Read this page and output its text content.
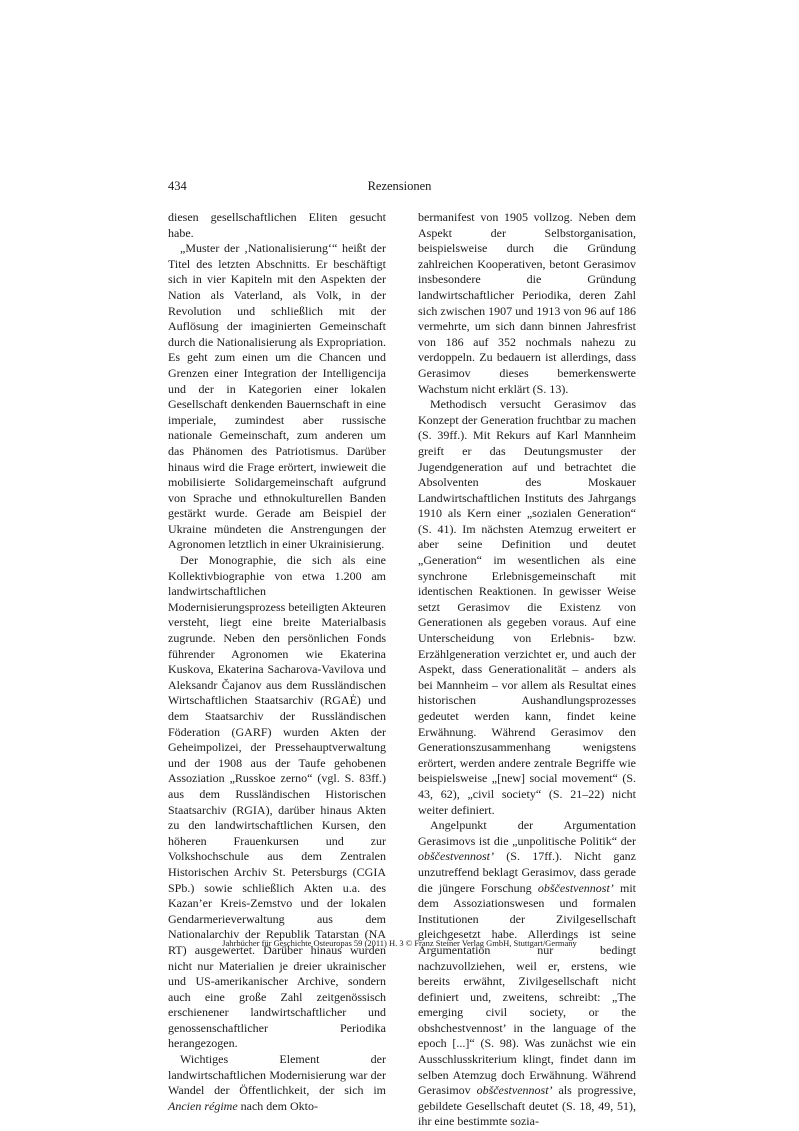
434	Rezensionen

diesen gesellschaftlichen Eliten gesucht habe.

„Muster der ‚Nationalisierung‘“ heißt der Titel des letzten Abschnitts. Er beschäftigt sich in vier Kapiteln mit den Aspekten der Nation als Vaterland, als Volk, in der Revolution und schließlich mit der Auflösung der imaginierten Gemeinschaft durch die Nationalisierung als Expropriation. Es geht zum einen um die Chancen und Grenzen einer Integration der Intelligencija und der in Kategorien einer lokalen Gesellschaft denkenden Bauernschaft in eine imperiale, zumindest aber russische nationale Gemeinschaft, zum anderen um das Phänomen des Patriotismus. Darüber hinaus wird die Frage erörtert, inwieweit die mobilisierte Solidargemeinschaft aufgrund von Sprache und ethnokulturellen Banden gestärkt wurde. Gerade am Beispiel der Ukraine mündeten die Anstrengungen der Agronomen letztlich in einer Ukrainisierung.

Der Monographie, die sich als eine Kollektivbiographie von etwa 1.200 am landwirtschaftlichen Modernisierungsprozess beteiligten Akteuren versteht, liegt eine breite Materialbasis zugrunde. Neben den persönlichen Fonds führender Agronomen wie Ekaterina Kuskova, Ekaterina Sacharova-Vavilova und Aleksandr Čajanov aus dem Russländischen Wirtschaftlichen Staatsarchiv (RGAĖ) und dem Staatsarchiv der Russländischen Föderation (GARF) wurden Akten der Geheimpolizei, der Pressehauptverwaltung und der 1908 aus der Taufe gehobenen Assoziation „Russkoe zerno“ (vgl. S. 83ff.) aus dem Russländischen Historischen Staatsarchiv (RGIA), darüber hinaus Akten zu den landwirtschaftlichen Kursen, den höheren Frauenkursen und zur Volkshochschule aus dem Zentralen Historischen Archiv St. Petersburgs (CGIA SPb.) sowie schließlich Akten u.a. des Kazan’er Kreis-Zemstvo und der lokalen Gendarmerieverwaltung aus dem Nationalarchiv der Republik Tatarstan (NA RT) ausgewertet. Darüber hinaus wurden nicht nur Materialien je dreier ukrainischer und US-amerikanischer Archive, sondern auch eine große Zahl zeitgenössisch erschienener landwirtschaftlicher und genossenschaftlicher Periodika herangezogen.

Wichtiges Element der landwirtschaftlichen Modernisierung war der Wandel der Öffentlichkeit, der sich im Ancien régime nach dem Okto-

bermanifest von 1905 vollzog. Neben dem Aspekt der Selbstorganisation, beispielsweise durch die Gründung zahlreichen Kooperativen, betont Gerasimov insbesondere die Gründung landwirtschaftlicher Periodika, deren Zahl sich zwischen 1907 und 1913 von 96 auf 186 vermehrte, um sich dann binnen Jahresfrist von 186 auf 352 nochmals nahezu zu verdoppeln. Zu bedauern ist allerdings, dass Gerasimov dieses bemerkenswerte Wachstum nicht erklärt (S. 13).

Methodisch versucht Gerasimov das Konzept der Generation fruchtbar zu machen (S. 39ff.). Mit Rekurs auf Karl Mannheim greift er das Deutungsmuster der Jugendgeneration auf und betrachtet die Absolventen des Moskauer Landwirtschaftlichen Instituts des Jahrgangs 1910 als Kern einer „sozialen Generation“ (S. 41). Im nächsten Atemzug erweitert er aber seine Definition und deutet „Generation“ im wesentlichen als eine synchrone Erlebnisgemeinschaft mit identischen Reaktionen. In gewisser Weise setzt Gerasimov die Existenz von Generationen als gegeben voraus. Auf eine Unterscheidung von Erlebnis- bzw. Erzählgeneration verzichtet er, und auch der Aspekt, dass Generationalität – anders als bei Mannheim – vor allem als Resultat eines historischen Aushandlungsprozesses gedeutet werden kann, findet keine Erwähnung. Während Gerasimov den Generationszusammenhang wenigstens erörtert, werden andere zentrale Begriffe wie beispielsweise „[new] social movement“ (S. 43, 62), „civil society“ (S. 21–22) nicht weiter definiert.

Angelpunkt der Argumentation Gerasimovs ist die „unpolitische Politik“ der obščestvennost’ (S. 17ff.). Nicht ganz unzutreffend beklagt Gerasimov, dass gerade die jüngere Forschung obščestvennost’ mit dem Assoziationswesen und formalen Institutionen der Zivilgesellschaft gleichgesetzt habe. Allerdings ist seine Argumentation nur bedingt nachzuvollziehen, weil er, erstens, wie bereits erwähnt, Zivilgesellschaft nicht definiert und, zweitens, schreibt: „The emerging civil society, or the obshchestvennost’ in the language of the epoch [...]“ (S. 98). Was zunächst wie ein Ausschlusskriterium klingt, findet dann im selben Atemzug doch Erwähnung. Während Gerasimov obščestvennost’ als progressive, gebildete Gesellschaft deutet (S. 18, 49, 51), ihr eine bestimmte sozia-

Jahrbücher für Geschichte Osteuropas 59 (2011) H. 3 © Franz Steiner Verlag GmbH, Stuttgart/Germany
